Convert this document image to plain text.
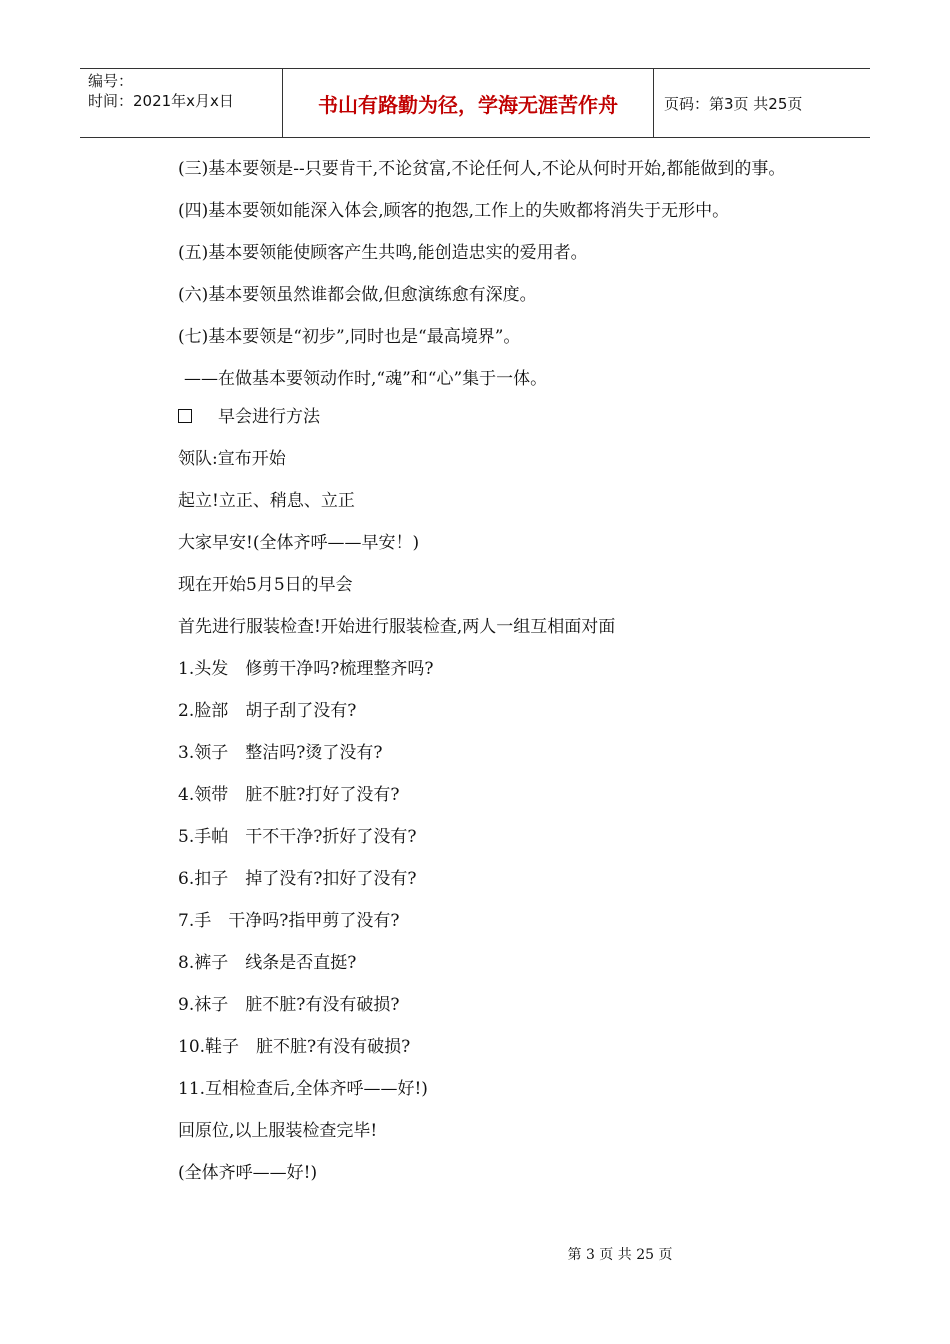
编号：
时间：2021年x月x日	书山有路勤为径，学海无涯苦作舟	页码：第3页 共25页

(三)基本要领是--只要肯干,不论贫富,不论任何人,不论从何时开始,都能做到的事。

(四)基本要领如能深入体会,顾客的抱怨,工作上的失败都将消失于无形中。

(五)基本要领能使顾客产生共鸣,能创造忠实的爱用者。

(六)基本要领虽然谁都会做,但愈演练愈有深度。

(七)基本要领是“初步”,同时也是“最高境界”。

——在做基本要领动作时,“魂”和“心”集于一体。

早会进行方法

领队:宣布开始

起立!立正、稍息、立正

大家早安!(全体齐呼——早安！)

现在开始5月5日的早会

首先进行服装检查!开始进行服装检查,两人一组互相面对面

1.头发　修剪干净吗?梳理整齐吗?

2.脸部　胡子刮了没有?

3.领子　整洁吗?烫了没有?

4.领带　脏不脏?打好了没有?

5.手帕　干不干净?折好了没有?

6.扣子　掉了没有?扣好了没有?

7.手　干净吗?指甲剪了没有?

8.裤子　线条是否直挺?

9.袜子　脏不脏?有没有破损?

10.鞋子　脏不脏?有没有破损?

11.互相检查后,全体齐呼——好!)

回原位,以上服装检查完毕!

(全体齐呼——好!)

第 3 页 共 25 页
